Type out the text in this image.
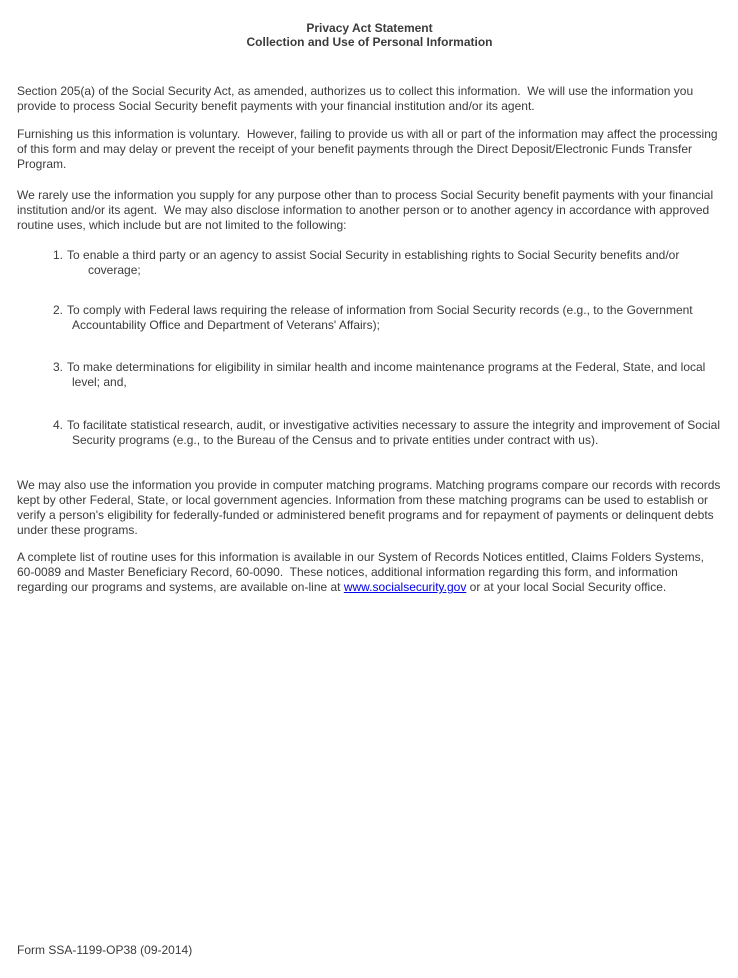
Privacy Act Statement
Collection and Use of Personal Information

Section 205(a) of the Social Security Act, as amended, authorizes us to collect this information.  We will use the information you provide to process Social Security benefit payments with your financial institution and/or its agent.

Furnishing us this information is voluntary.  However, failing to provide us with all or part of the information may affect the processing of this form and may delay or prevent the receipt of your benefit payments through the Direct Deposit/Electronic Funds Transfer Program.

We rarely use the information you supply for any purpose other than to process Social Security benefit payments with your financial institution and/or its agent.  We may also disclose information to another person or to another agency in accordance with approved routine uses, which include but are not limited to the following:

1. To enable a third party or an agency to assist Social Security in establishing rights to Social Security benefits and/or coverage;
2. To comply with Federal laws requiring the release of information from Social Security records (e.g., to the Government Accountability Office and Department of Veterans' Affairs);
3. To make determinations for eligibility in similar health and income maintenance programs at the Federal, State, and local level; and,
4. To facilitate statistical research, audit, or investigative activities necessary to assure the integrity and improvement of Social Security programs (e.g., to the Bureau of the Census and to private entities under contract with us).

We may also use the information you provide in computer matching programs. Matching programs compare our records with records kept by other Federal, State, or local government agencies. Information from these matching programs can be used to establish or verify a person's eligibility for federally-funded or administered benefit programs and for repayment of payments or delinquent debts under these programs.

A complete list of routine uses for this information is available in our System of Records Notices entitled, Claims Folders Systems, 60-0089 and Master Beneficiary Record, 60-0090.  These notices, additional information regarding this form, and information regarding our programs and systems, are available on-line at www.socialsecurity.gov or at your local Social Security office.

Form SSA-1199-OP38 (09-2014)
